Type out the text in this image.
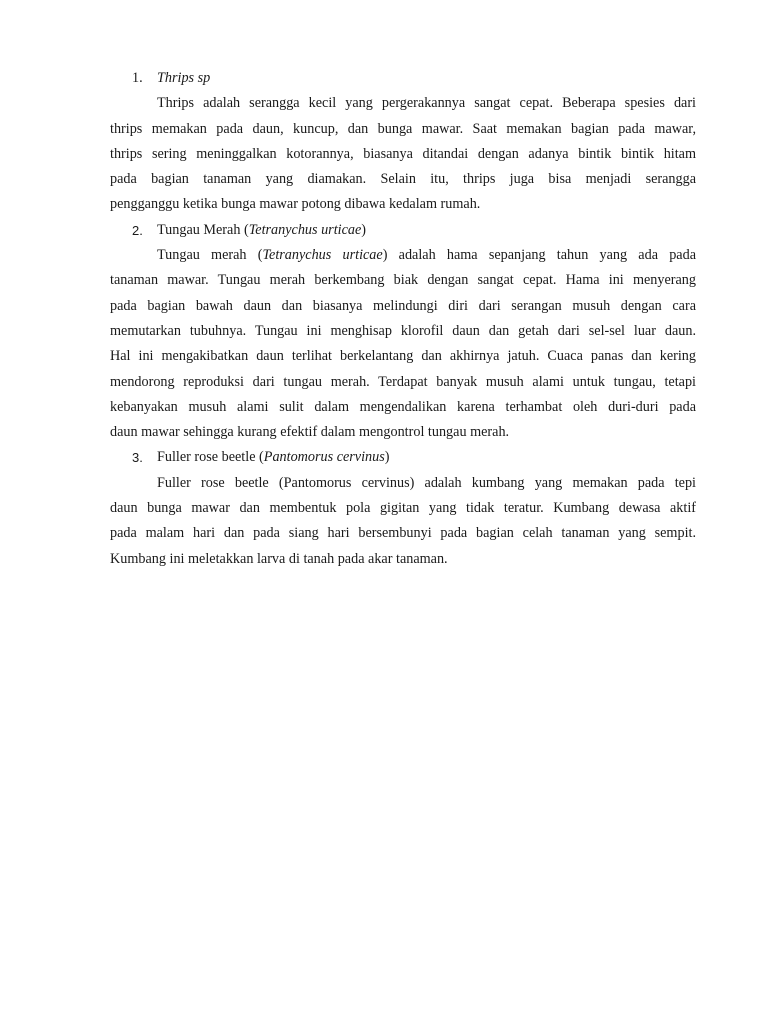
1. Thrips sp
Thrips adalah serangga kecil yang pergerakannya sangat cepat. Beberapa spesies dari
thrips memakan pada daun, kuncup, dan bunga mawar. Saat memakan bagian pada mawar,
thrips sering meninggalkan kotorannya, biasanya ditandai dengan adanya bintik bintik hitam
pada bagian tanaman yang diamakan. Selain itu, thrips juga bisa menjadi serangga
pengganggu ketika bunga mawar potong dibawa kedalam rumah.
2. Tungau Merah (Tetranychus urticae)
Tungau merah (Tetranychus urticae) adalah hama sepanjang tahun yang ada pada
tanaman mawar. Tungau merah berkembang biak dengan sangat cepat. Hama ini menyerang
pada bagian bawah daun dan biasanya melindungi diri dari serangan musuh dengan cara
memutarkan tubuhnya. Tungau ini menghisap klorofil daun dan getah dari sel-sel luar daun.
Hal ini mengakibatkan daun terlihat berkelantang dan akhirnya jatuh. Cuaca panas dan kering
mendorong reproduksi dari tungau merah. Terdapat banyak musuh alami untuk tungau, tetapi
kebanyakan musuh alami sulit dalam mengendalikan karena terhambat oleh duri-duri pada
daun mawar sehingga kurang efektif dalam mengontrol tungau merah.
3. Fuller rose beetle (Pantomorus cervinus)
Fuller rose beetle (Pantomorus cervinus) adalah kumbang yang memakan pada tepi
daun bunga mawar dan membentuk pola gigitan yang tidak teratur. Kumbang dewasa aktif
pada malam hari dan pada siang hari bersembunyi pada bagian celah tanaman yang sempit.
Kumbang ini meletakkan larva di tanah pada akar tanaman.
